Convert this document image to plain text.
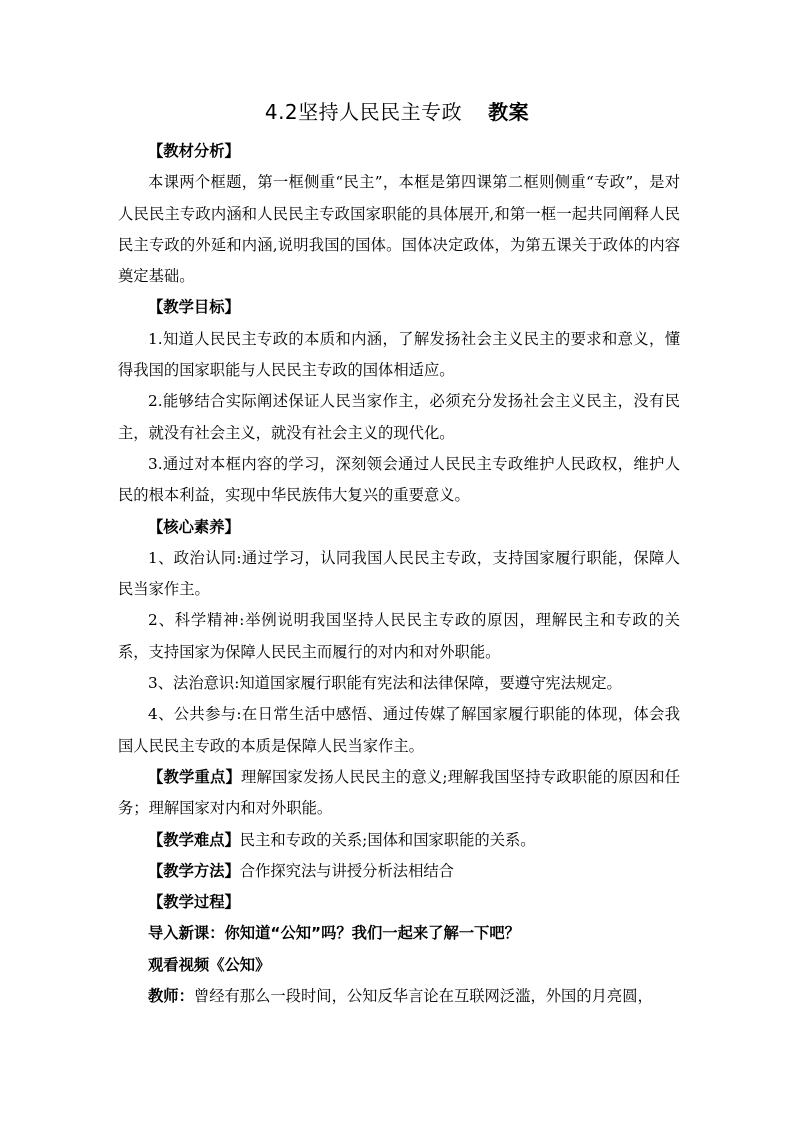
4.2坚持人民民主专政 教案

【教材分析】

本课两个框题，第一框侧重“民主”，本框是第四课第二框则侧重“专政”，是对人民民主专政内涵和人民民主专政国家职能的具体展开,和第一框一起共同阐释人民民主专政的外延和内涵,说明我国的国体。国体决定政体，为第五课关于政体的内容奠定基础。

【教学目标】

1.知道人民民主专政的本质和内涵，了解发扬社会主义民主的要求和意义，懂得我国的国家职能与人民民主专政的国体相适应。

2.能够结合实际阐述保证人民当家作主，必须充分发扬社会主义民主，没有民主，就没有社会主义，就没有社会主义的现代化。

3.通过对本框内容的学习，深刻领会通过人民民主专政维护人民政权，维护人民的根本利益，实现中华民族伟大复兴的重要意义。

【核心素养】

1、政治认同:通过学习，认同我国人民民主专政，支持国家履行职能，保障人民当家作主。

2、科学精神:举例说明我国坚持人民民主专政的原因，理解民主和专政的关系，支持国家为保障人民民主而履行的对内和对外职能。

3、法治意识:知道国家履行职能有宪法和法律保障，要遵守宪法规定。

4、公共参与:在日常生活中感悟、通过传媒了解国家履行职能的体现，体会我国人民民主专政的本质是保障人民当家作主。

【教学重点】理解国家发扬人民民主的意义;理解我国坚持专政职能的原因和任务；理解国家对内和对外职能。

【教学难点】民主和专政的关系;国体和国家职能的关系。

【教学方法】合作探究法与讲授分析法相结合

【教学过程】

导入新课：你知道“公知”吗？我们一起来了解一下吧？

观看视频《公知》

教师：曾经有那么一段时间，公知反华言论在互联网泛滥，外国的月亮圆，
